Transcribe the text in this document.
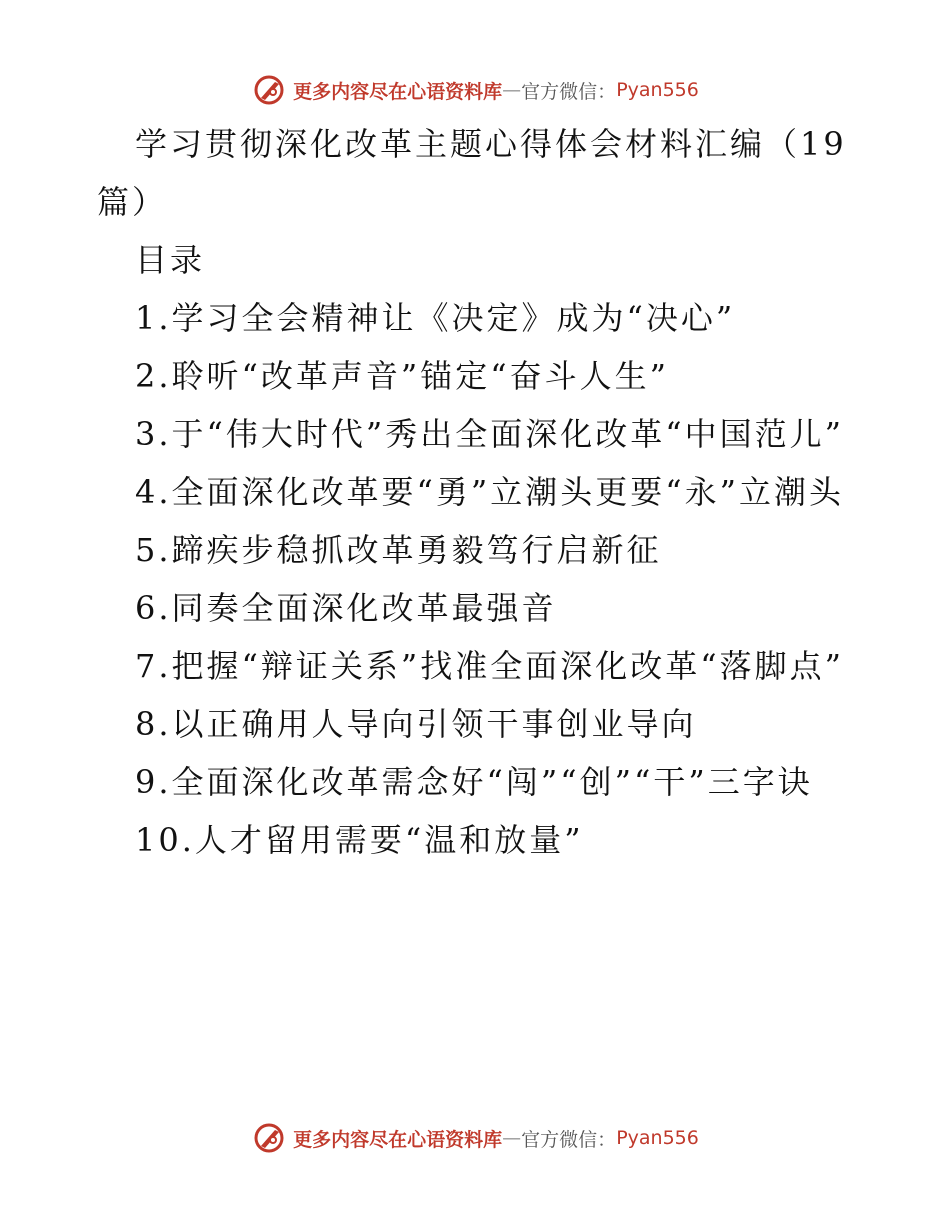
更多内容尽在心语资料库 — 官方微信： Pyan556

学习贯彻深化改革主题心得体会材料汇编（19篇）

目录

1.学习全会精神让《决定》成为“决心”

2.聆听“改革声音”锚定“奋斗人生”

3.于“伟大时代”秀出全面深化改革“中国范儿”

4.全面深化改革要“勇”立潮头更要“永”立潮头

5.蹄疾步稳抓改革勇毅笃行启新征

6.同奏全面深化改革最强音

7.把握“辩证关系”找准全面深化改革“落脚点”

8.以正确用人导向引领干事创业导向

9.全面深化改革需念好“闯”“创”“干”三字诀

10.人才留用需要“温和放量”

更多内容尽在心语资料库 — 官方微信： Pyan556
